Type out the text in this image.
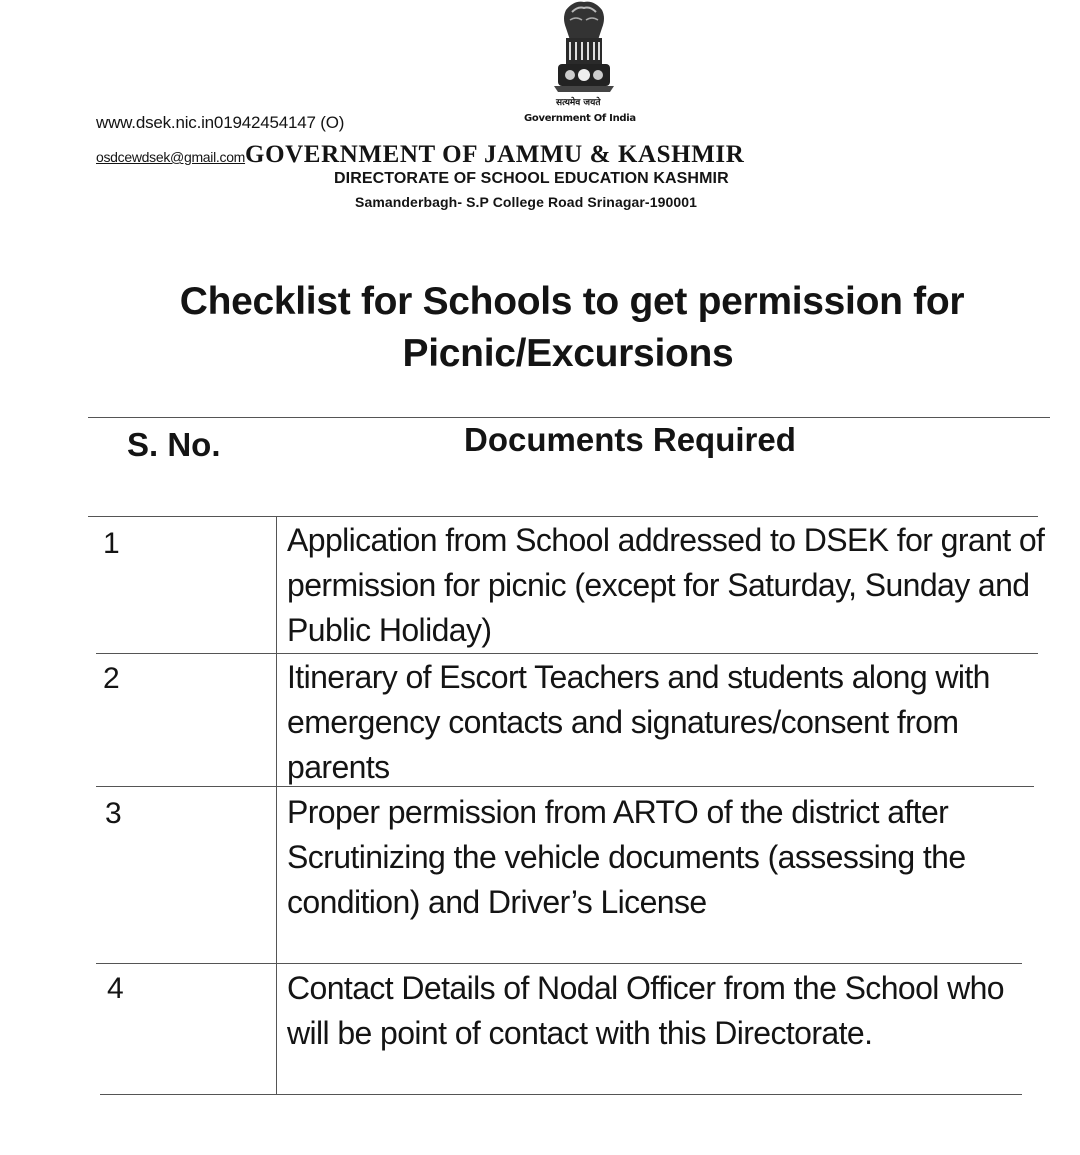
सत्यमेव जयते
Government Of India
www.dsek.nic.in01942454147 (O)
osdcewdsek@gmail.comGOVERNMENT OF JAMMU & KASHMIR
DIRECTORATE OF SCHOOL EDUCATION KASHMIR
Samanderbagh- S.P College Road Srinagar-190001
Checklist for Schools to get permission for
Picnic/Excursions
S. No.	Documents Required
1	Application from School addressed to DSEK for grant of permission for picnic (except for Saturday, Sunday and Public Holiday)
2	Itinerary of Escort Teachers and students along with emergency contacts and signatures/consent from parents
3	Proper permission from ARTO of the district after Scrutinizing the vehicle documents (assessing the condition) and Driver’s License
4	Contact Details of Nodal Officer from the School who will be point of contact with this Directorate.
